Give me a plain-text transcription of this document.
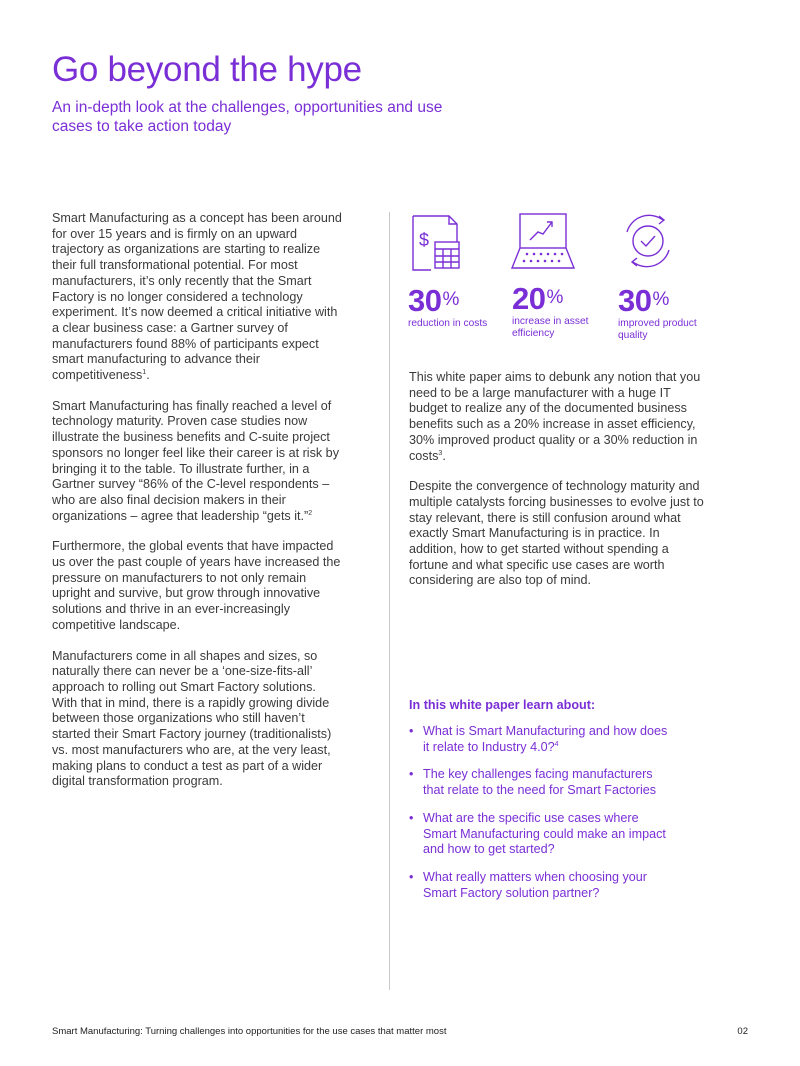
Go beyond the hype
An in-depth look at the challenges, opportunities and use cases to take action today

Smart Manufacturing as a concept has been around for over 15 years and is firmly on an upward trajectory as organizations are starting to realize their full transformational potential. For most manufacturers, it’s only recently that the Smart Factory is no longer considered a technology experiment. It’s now deemed a critical initiative with a clear business case: a Gartner survey of manufacturers found 88% of participants expect smart manufacturing to advance their competitiveness$^1$.

Smart Manufacturing has finally reached a level of technology maturity. Proven case studies now illustrate the business benefits and C-suite project sponsors no longer feel like their career is at risk by bringing it to the table. To illustrate further, in a Gartner survey “86% of the C-level respondents – who are also final decision makers in their organizations – agree that leadership “gets it.”$^2$

Furthermore, the global events that have impacted us over the past couple of years have increased the pressure on manufacturers to not only remain upright and survive, but grow through innovative solutions and thrive in an ever-increasingly competitive landscape.

Manufacturers come in all shapes and sizes, so naturally there can never be a ‘one-size-fits-all’ approach to rolling out Smart Factory solutions. With that in mind, there is a rapidly growing divide between those organizations who still haven’t started their Smart Factory journey (traditionalists) vs. most manufacturers who are, at the very least, making plans to conduct a test as part of a wider digital transformation program.

$
30%
reduction in costs
20%
increase in asset efficiency
30%
improved product quality

This white paper aims to debunk any notion that you need to be a large manufacturer with a huge IT budget to realize any of the documented business benefits such as a 20% increase in asset efficiency, 30% improved product quality or a 30% reduction in costs$^3$.

Despite the convergence of technology maturity and multiple catalysts forcing businesses to evolve just to stay relevant, there is still confusion around what exactly Smart Manufacturing is in practice. In addition, how to get started without spending a fortune and what specific use cases are worth considering are also top of mind.

In this white paper learn about:
• What is Smart Manufacturing and how does it relate to Industry 4.0?$^4$
• The key challenges facing manufacturers that relate to the need for Smart Factories
• What are the specific use cases where Smart Manufacturing could make an impact and how to get started?
• What really matters when choosing your Smart Factory solution partner?
Smart Manufacturing: Turning challenges into opportunities for the use cases that matter most	02
